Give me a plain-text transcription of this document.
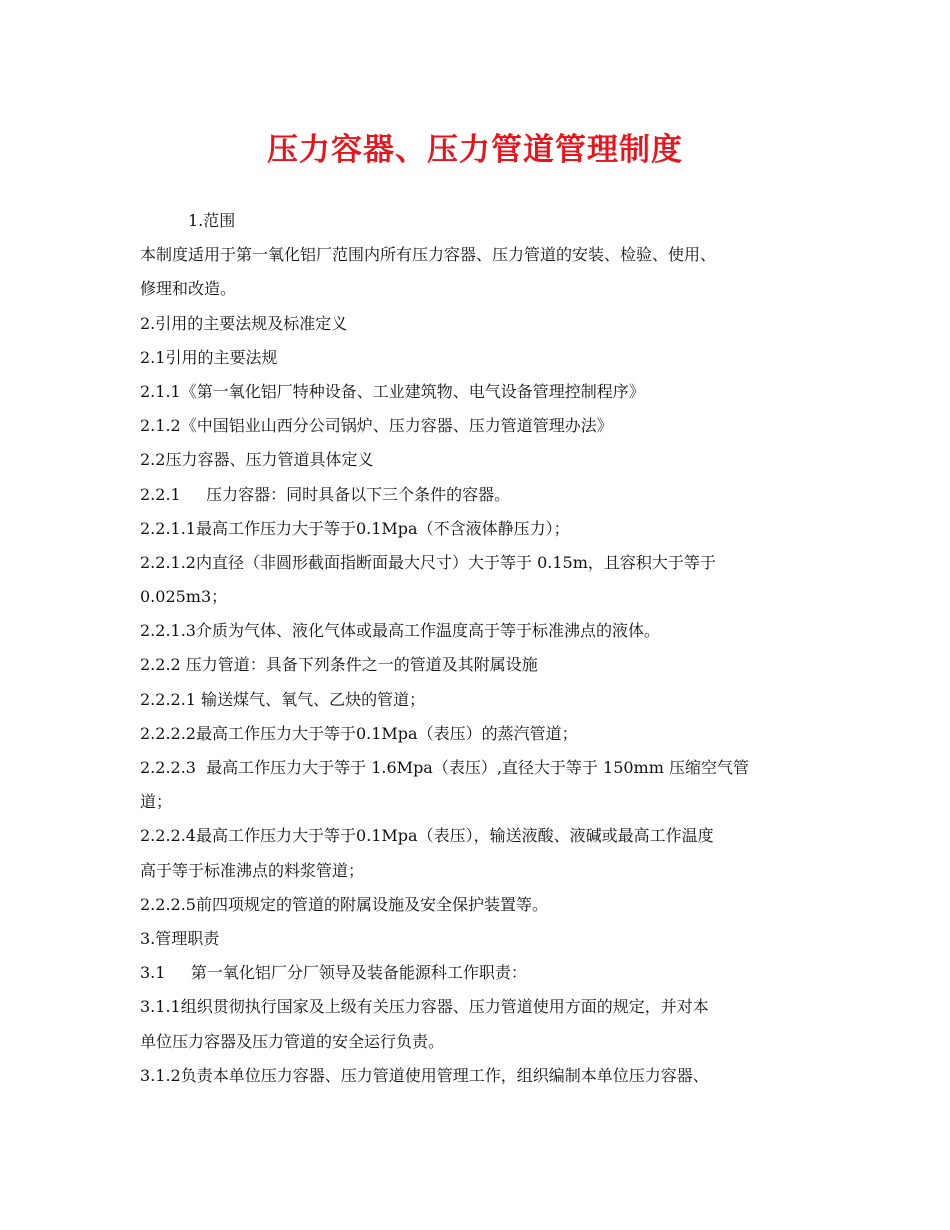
压力容器、压力管道管理制度
1.范围
本制度适用于第一氧化铝厂范围内所有压力容器、压力管道的安装、检验、使用、
修理和改造。
2.引用的主要法规及标准定义
2.1引用的主要法规
2.1.1《第一氧化铝厂特种设备、工业建筑物、电气设备管理控制程序》
2.1.2《中国铝业山西分公司锅炉、压力容器、压力管道管理办法》
2.2压力容器、压力管道具体定义
2.2.1     压力容器：同时具备以下三个条件的容器。
2.2.1.1最高工作压力大于等于0.1Mpa（不含液体静压力）；
2.2.1.2内直径（非圆形截面指断面最大尺寸）大于等于 0.15m，且容积大于等于
0.025m3；
2.2.1.3介质为气体、液化气体或最高工作温度高于等于标准沸点的液体。
2.2.2 压力管道：具备下列条件之一的管道及其附属设施
2.2.2.1 输送煤气、氧气、乙炔的管道；
2.2.2.2最高工作压力大于等于0.1Mpa（表压）的蒸汽管道；
2.2.2.3  最高工作压力大于等于 1.6Mpa（表压）,直径大于等于 150mm 压缩空气管
道；
2.2.2.4最高工作压力大于等于0.1Mpa（表压），输送液酸、液碱或最高工作温度
高于等于标准沸点的料浆管道；
2.2.2.5前四项规定的管道的附属设施及安全保护装置等。
3.管理职责
3.1     第一氧化铝厂分厂领导及装备能源科工作职责：
3.1.1组织贯彻执行国家及上级有关压力容器、压力管道使用方面的规定，并对本
单位压力容器及压力管道的安全运行负责。
3.1.2负责本单位压力容器、压力管道使用管理工作，组织编制本单位压力容器、
